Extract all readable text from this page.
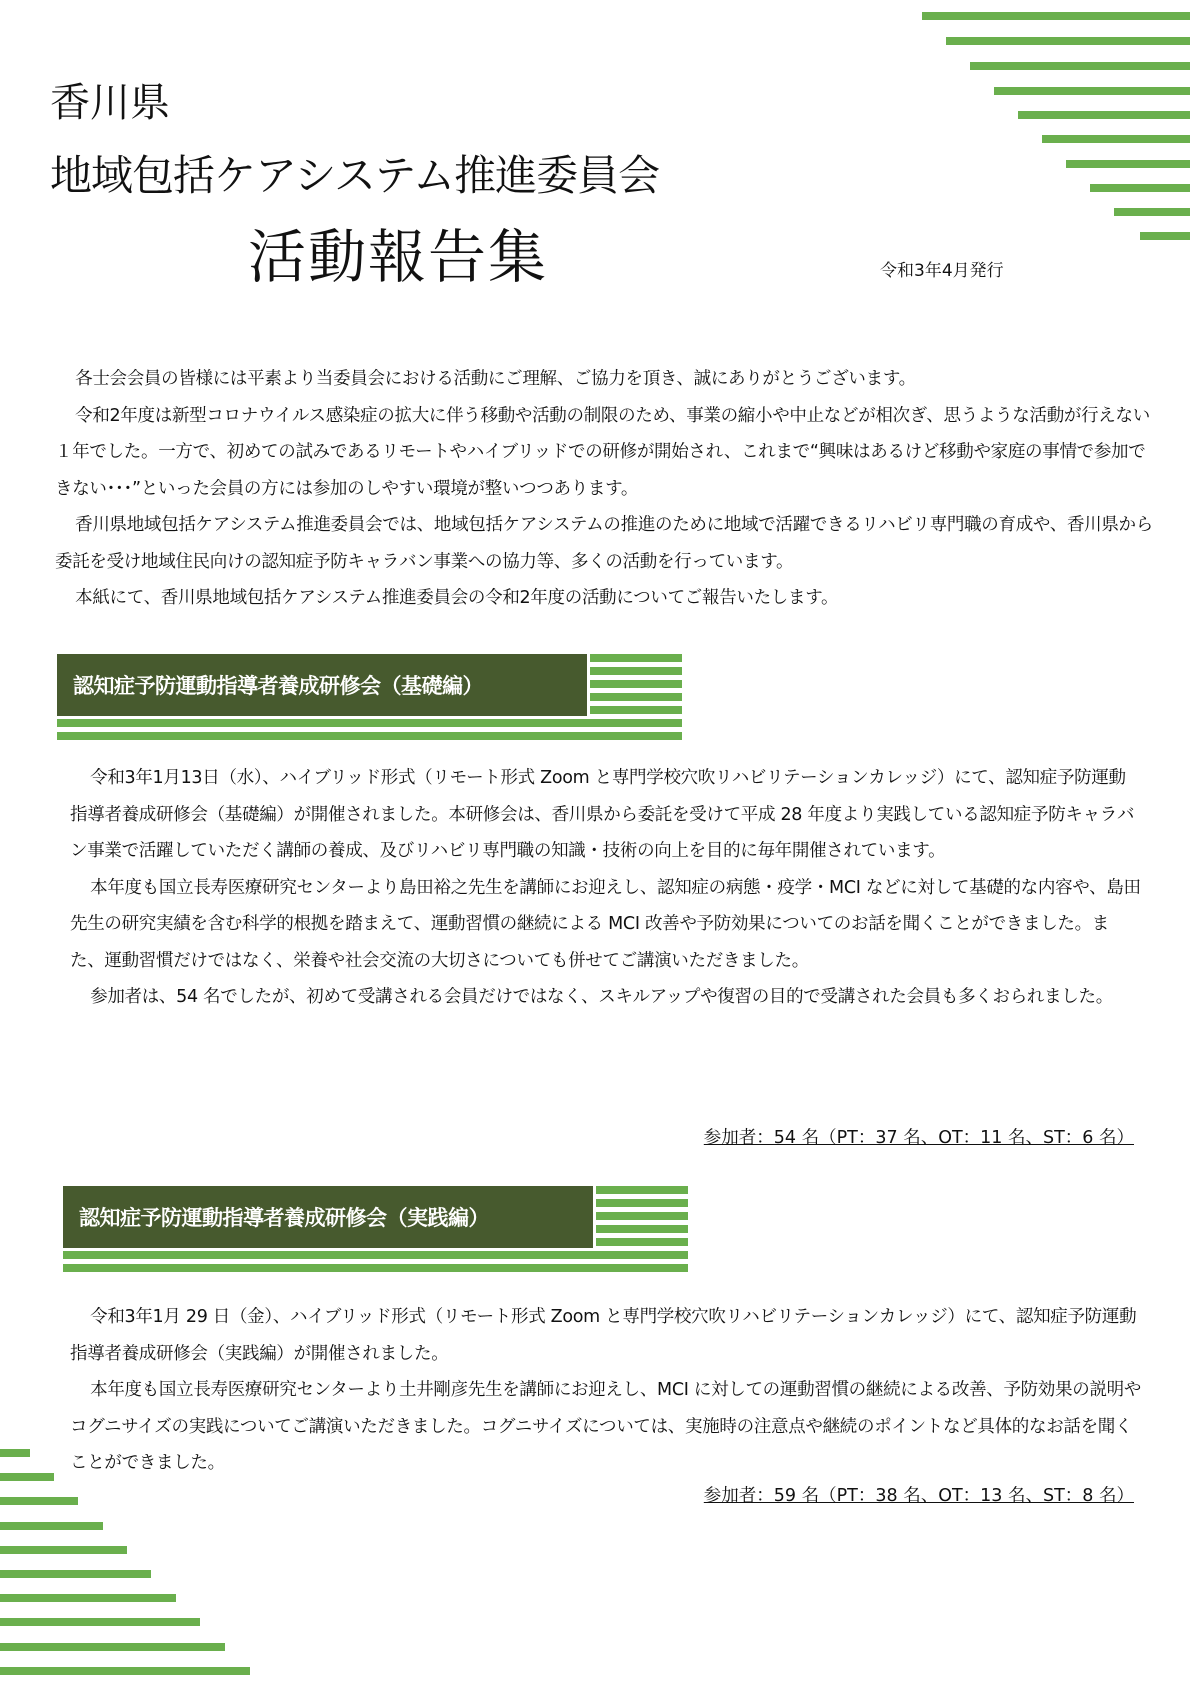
香川県
地域包括ケアシステム推進委員会
活動報告集	令和3年4月発行

各士会会員の皆様には平素より当委員会における活動にご理解、ご協力を頂き、誠にありがとうございます。

令和2年度は新型コロナウイルス感染症の拡大に伴う移動や活動の制限のため、事業の縮小や中止などが相次ぎ、思うような活動が行えない１年でした。一方で、初めての試みであるリモートやハイブリッドでの研修が開始され、これまで“興味はあるけど移動や家庭の事情で参加できない･･･”といった会員の方には参加のしやすい環境が整いつつあります。

香川県地域包括ケアシステム推進委員会では、地域包括ケアシステムの推進のために地域で活躍できるリハビリ専門職の育成や、香川県から委託を受け地域住民向けの認知症予防キャラバン事業への協力等、多くの活動を行っています。

本紙にて、香川県地域包括ケアシステム推進委員会の令和2年度の活動についてご報告いたします。

認知症予防運動指導者養成研修会（基礎編）

令和3年1月13日（水）、ハイブリッド形式（リモート形式 Zoom と専門学校穴吹リハビリテーションカレッジ）にて、認知症予防運動指導者養成研修会（基礎編）が開催されました。本研修会は、香川県から委託を受けて平成 28 年度より実践している認知症予防キャラバン事業で活躍していただく講師の養成、及びリハビリ専門職の知識・技術の向上を目的に毎年開催されています。

本年度も国立長寿医療研究センターより島田裕之先生を講師にお迎えし、認知症の病態・疫学・MCI などに対して基礎的な内容や、島田先生の研究実績を含む科学的根拠を踏まえて、運動習慣の継続による MCI 改善や予防効果についてのお話を聞くことができました。また、運動習慣だけではなく、栄養や社会交流の大切さについても併せてご講演いただきました。

参加者は、54 名でしたが、初めて受講される会員だけではなく、スキルアップや復習の目的で受講された会員も多くおられました。

参加者：54 名（PT：37 名、OT：11 名、ST：6 名）
認知症予防運動指導者養成研修会（実践編）

令和3年1月 29 日（金）、ハイブリッド形式（リモート形式 Zoom と専門学校穴吹リハビリテーションカレッジ）にて、認知症予防運動指導者養成研修会（実践編）が開催されました。

本年度も国立長寿医療研究センターより土井剛彦先生を講師にお迎えし、MCI に対しての運動習慣の継続による改善、予防効果の説明やコグニサイズの実践についてご講演いただきました。コグニサイズについては、実施時の注意点や継続のポイントなど具体的なお話を聞くことができました。

参加者：59 名（PT：38 名、OT：13 名、ST：8 名）
